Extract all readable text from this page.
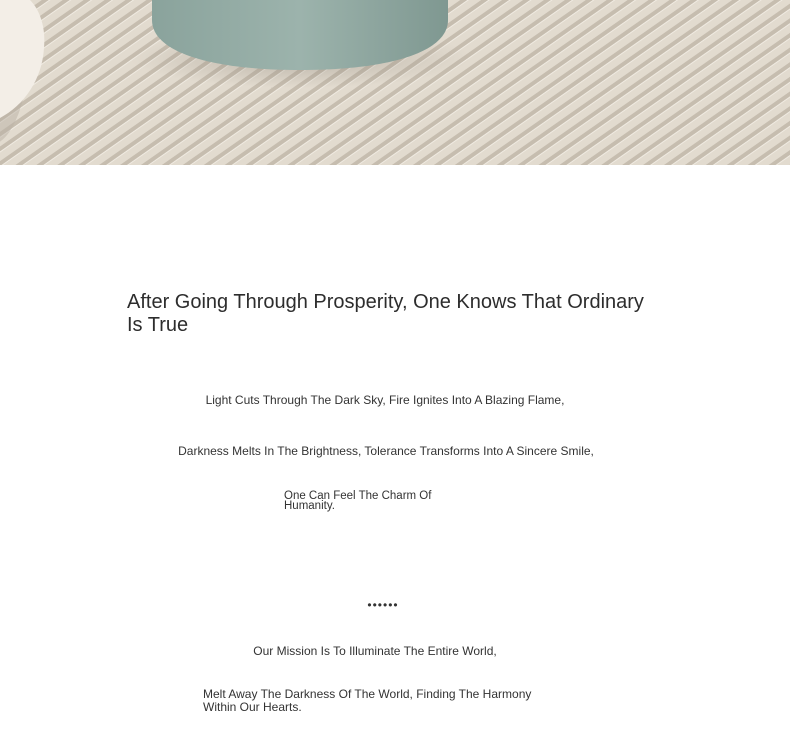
After Going Through Prosperity, One Knows That Ordinary Is True

Light Cuts Through The Dark Sky, Fire Ignites Into A Blazing Flame,

Darkness Melts In The Brightness, Tolerance Transforms Into A Sincere Smile,

One Can Feel The Charm Of Humanity.

••••••

Our Mission Is To Illuminate The Entire World,

Melt Away The Darkness Of The World, Finding The Harmony Within Our Hearts.
